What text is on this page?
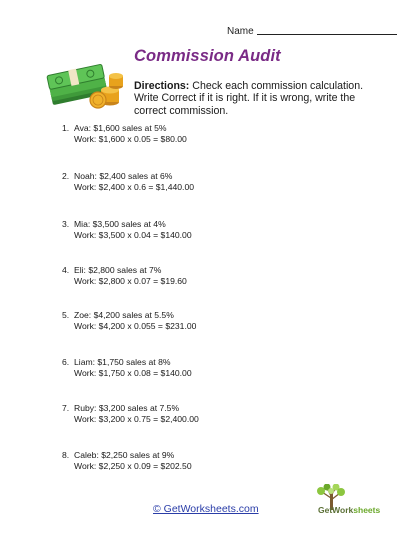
Name
Commission Audit
Directions: Check each commission calculation. Write Correct if it is right. If it is wrong, write the correct commission.
1. Ava: $1,600 sales at 5%
Work: $1,600 x 0.05 = $80.00
2. Noah: $2,400 sales at 6%
Work: $2,400 x 0.6 = $1,440.00
3. Mia: $3,500 sales at 4%
Work: $3,500 x 0.04 = $140.00
4. Eli: $2,800 sales at 7%
Work: $2,800 x 0.07 = $19.60
5. Zoe: $4,200 sales at 5.5%
Work: $4,200 x 0.055 = $231.00
6. Liam: $1,750 sales at 8%
Work: $1,750 x 0.08 = $140.00
7. Ruby: $3,200 sales at 7.5%
Work: $3,200 x 0.75 = $2,400.00
8. Caleb: $2,250 sales at 9%
Work: $2,250 x 0.09 = $202.50
© GetWorksheets.com	GetWorksheets
